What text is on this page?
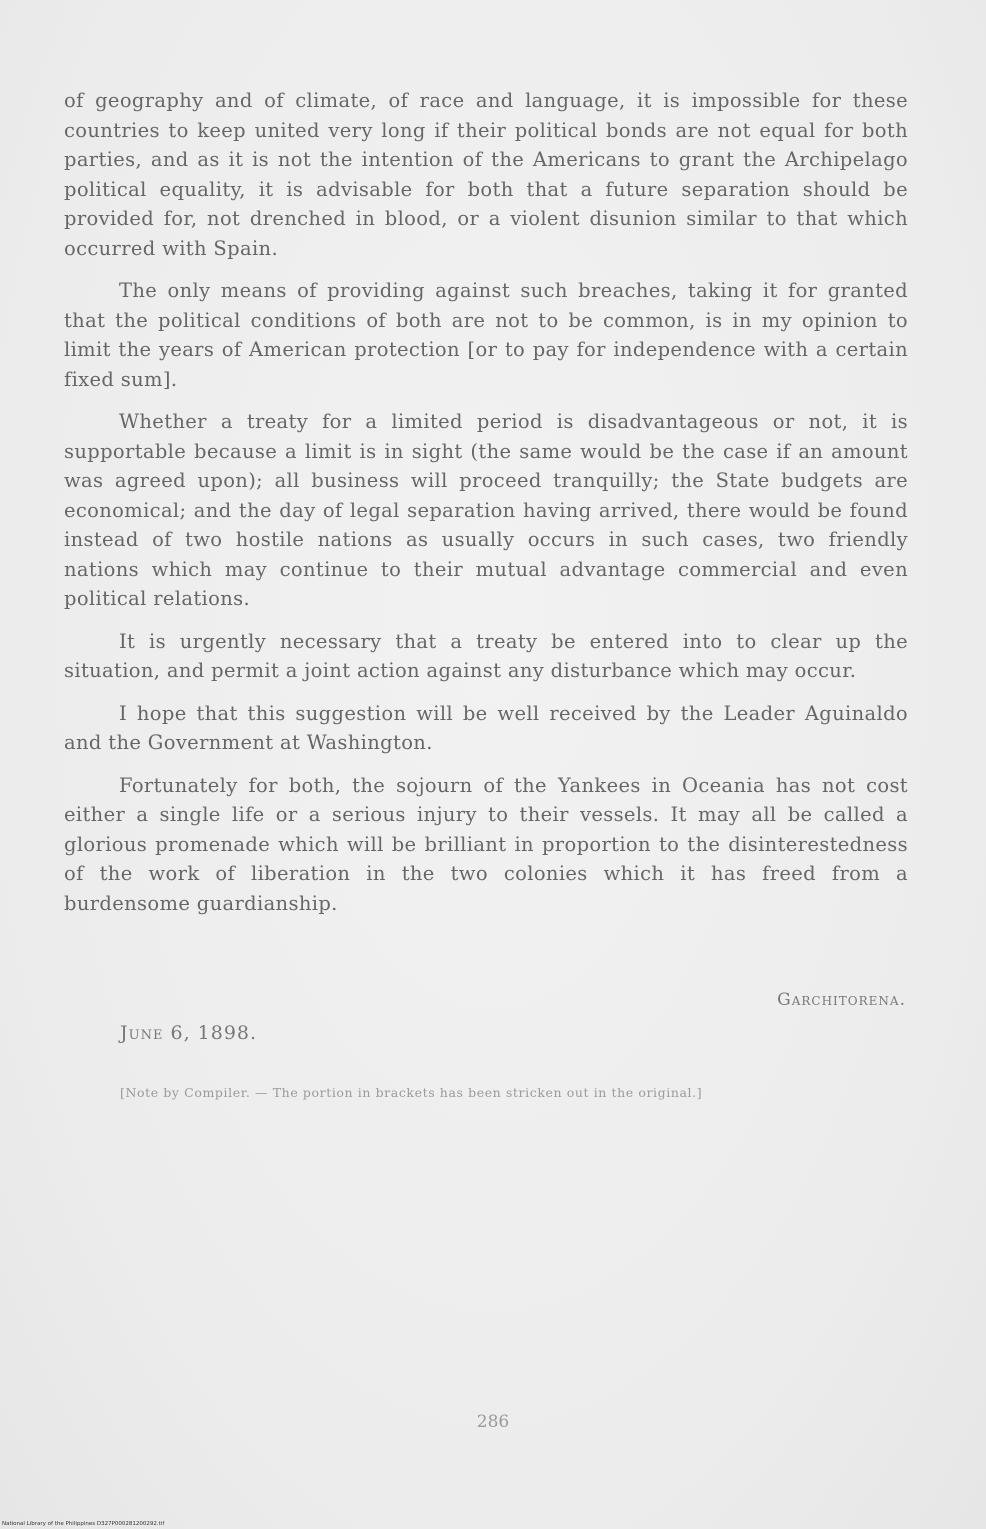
of geography and of climate, of race and language, it is impossible for these countries to keep united very long if their political bonds are not equal for both parties, and as it is not the intention of the Americans to grant the Archipelago political equality, it is advisable for both that a future separation should be provided for, not drenched in blood, or a violent disunion similar to that which occurred with Spain.

The only means of providing against such breaches, taking it for granted that the political conditions of both are not to be common, is in my opinion to limit the years of American protection [or to pay for independence with a certain fixed sum].

Whether a treaty for a limited period is disadvantageous or not, it is supportable because a limit is in sight (the same would be the case if an amount was agreed upon); all business will proceed tranquilly; the State budgets are economical; and the day of legal separation having arrived, there would be found instead of two hostile nations as usually occurs in such cases, two friendly nations which may continue to their mutual advantage commercial and even political relations.

It is urgently necessary that a treaty be entered into to clear up the situation, and permit a joint action against any disturbance which may occur.

I hope that this suggestion will be well received by the Leader Aguinaldo and the Government at Washington.

Fortunately for both, the sojourn of the Yankees in Oceania has not cost either a single life or a serious injury to their vessels. It may all be called a glorious promenade which will be brilliant in proportion to the disinterestedness of the work of liberation in the two colonies which it has freed from a burdensome guardianship.

Garchitorena.
June 6, 1898.
[Note by Compiler. — The portion in brackets has been stricken out in the original.]
286
National Library of the Philippines D327P000281200292.tif
